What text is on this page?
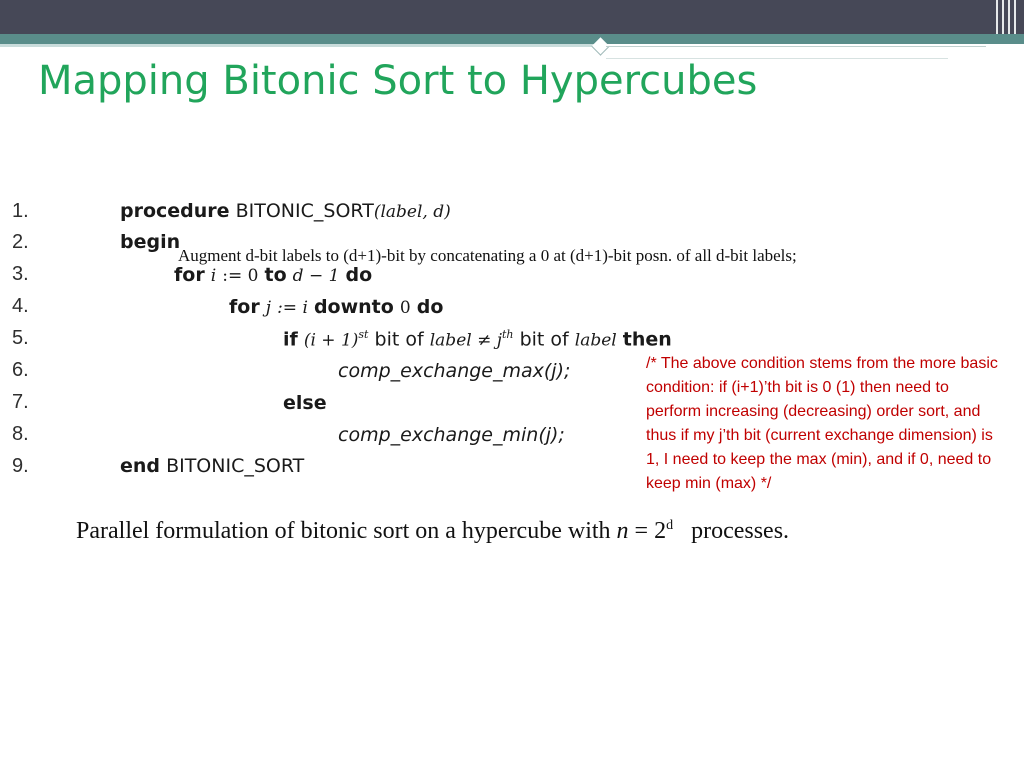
Mapping Bitonic Sort to Hypercubes
1.
2.
3.
4.
5.
6.
7.
8.
9.
procedure BITONIC_SORT(label, d)
begin
Augment d-bit labels to (d+1)-bit by concatenating a 0 at (d+1)-bit posn. of all d-bit labels;
for i := 0 to d − 1 do
for j := i downto 0 do
if $(i + 1)^{st}$ bit of label ≠ $j^{th}$ bit of label then
comp_exchange_max(j);
else
comp_exchange_min(j);
end BITONIC_SORT
/* The above condition stems from the more basic condition: if (i+1)’th bit is 0 (1) then need to perform increasing (decreasing) order sort, and thus if my j’th bit (current exchange dimension) is 1, I need to keep the max (min), and if 0, need to keep min (max) */
Parallel formulation of bitonic sort on a hypercube with $n = 2^d$ processes.
